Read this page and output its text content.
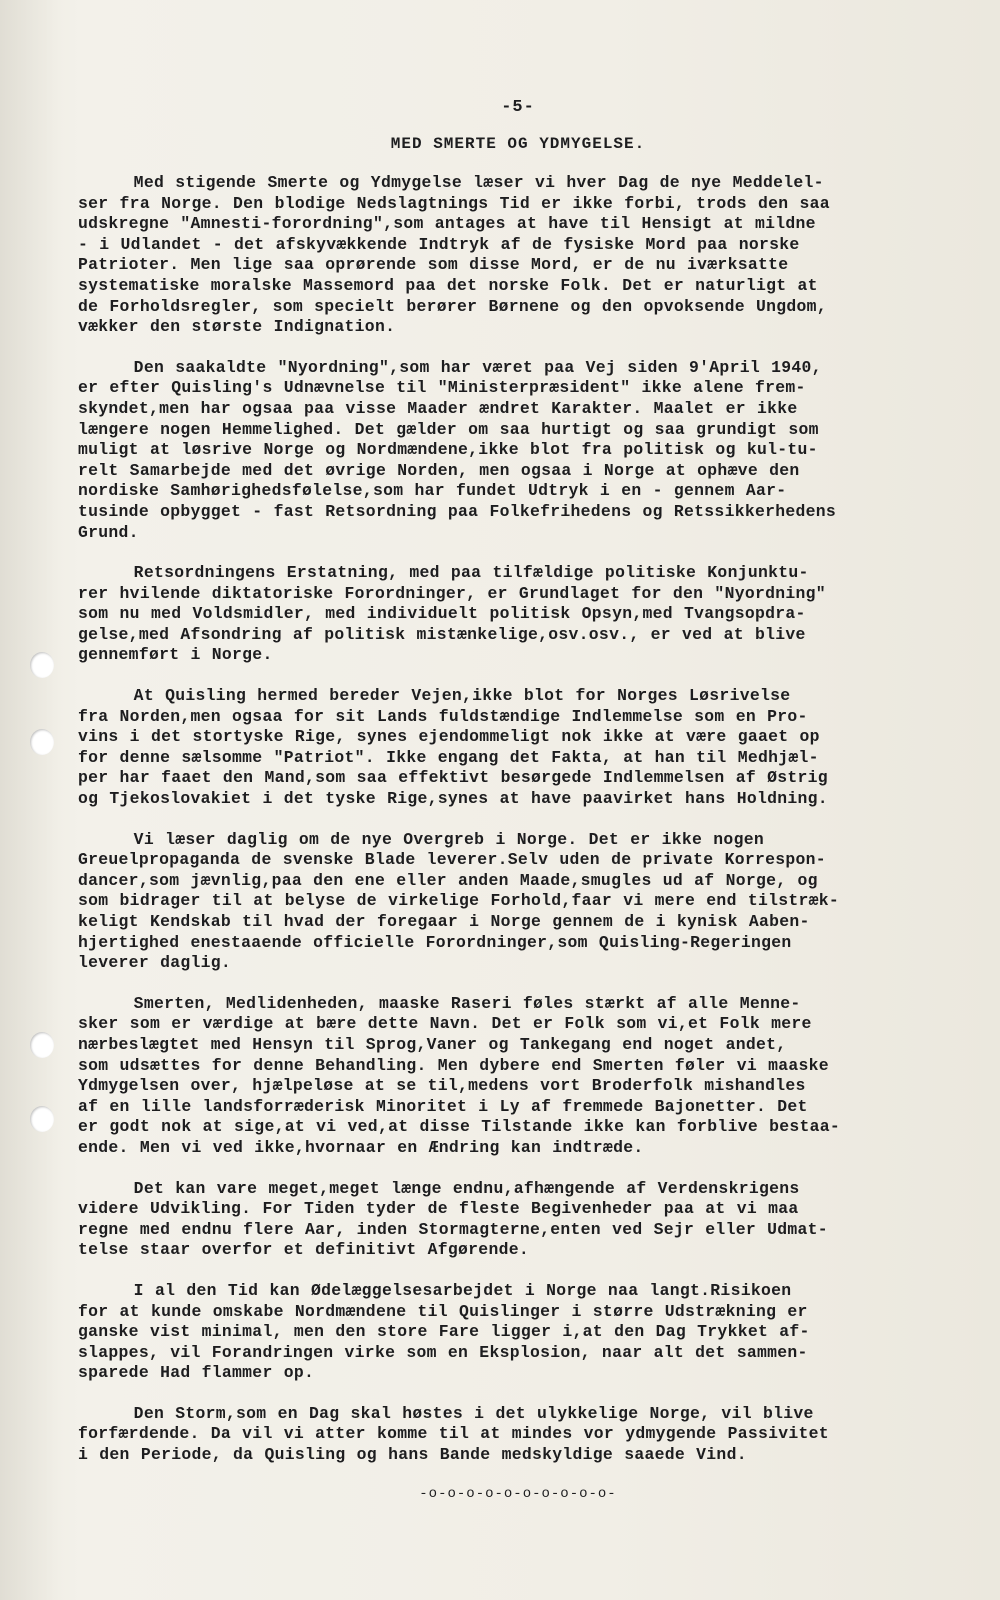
-5-
MED SMERTE OG YDMYGELSE.
Med stigende Smerte og Ydmygelse læser vi hver Dag de nye Meddelel-
ser fra Norge. Den blodige Nedslagtnings Tid er ikke forbi, trods den saa
udskregne "Amnesti-forordning",som antages at have til Hensigt at mildne
- i Udlandet - det afskyvækkende Indtryk af de fysiske Mord paa norske
Patrioter. Men lige saa oprørende som disse Mord, er de nu iværksatte
systematiske moralske Massemord paa det norske Folk. Det er naturligt at
de Forholdsregler, som specielt berører Børnene og den opvoksende Ungdom,
vækker den største Indignation.
Den saakaldte "Nyordning",som har været paa Vej siden 9'April 1940,
er efter Quisling's Udnævnelse til "Ministerpræsident" ikke alene frem-
skyndet,men har ogsaa paa visse Maader ændret Karakter. Maalet er ikke
længere nogen Hemmelighed. Det gælder om saa hurtigt og saa grundigt som
muligt at løsrive Norge og Nordmændene,ikke blot fra politisk og kul-tu-
relt Samarbejde med det øvrige Norden, men ogsaa i Norge at ophæve den
nordiske Samhørighedsfølelse,som har fundet Udtryk i en - gennem Aar-
tusinde opbygget - fast Retsordning paa Folkefrihedens og Retssikkerhedens
Grund.
Retsordningens Erstatning, med paa tilfældige politiske Konjunktu-
rer hvilende diktatoriske Forordninger, er Grundlaget for den "Nyordning"
som nu med Voldsmidler, med individuelt politisk Opsyn,med Tvangsopdra-
gelse,med Afsondring af politisk mistænkelige,osv.osv., er ved at blive
gennemført i Norge.
At Quisling hermed bereder Vejen,ikke blot for Norges Løsrivelse
fra Norden,men ogsaa for sit Lands fuldstændige Indlemmelse som en Pro-
vins i det stortyske Rige, synes ejendommeligt nok ikke at være gaaet op
for denne sælsomme "Patriot". Ikke engang det Fakta, at han til Medhjæl-
per har faaet den Mand,som saa effektivt besørgede Indlemmelsen af Østrig
og Tjekoslovakiet i det tyske Rige,synes at have paavirket hans Holdning.
Vi læser daglig om de nye Overgreb i Norge. Det er ikke nogen
Greuelpropaganda de svenske Blade leverer.Selv uden de private Korrespon-
dancer,som jævnlig,paa den ene eller anden Maade,smugles ud af Norge, og
som bidrager til at belyse de virkelige Forhold,faar vi mere end tilstræk-
keligt Kendskab til hvad der foregaar i Norge gennem de i kynisk Aaben-
hjertighed enestaaende officielle Forordninger,som Quisling-Regeringen
leverer daglig.
Smerten, Medlidenheden, maaske Raseri føles stærkt af alle Menne-
sker som er værdige at bære dette Navn. Det er Folk som vi,et Folk mere
nærbeslægtet med Hensyn til Sprog,Vaner og Tankegang end noget andet,
som udsættes for denne Behandling. Men dybere end Smerten føler vi maaske
Ydmygelsen over, hjælpeløse at se til,medens vort Broderfolk mishandles
af en lille landsforræderisk Minoritet i Ly af fremmede Bajonetter. Det
er godt nok at sige,at vi ved,at disse Tilstande ikke kan forblive bestaa-
ende. Men vi ved ikke,hvornaar en Ændring kan indtræde.
Det kan vare meget,meget længe endnu,afhængende af Verdenskrigens
videre Udvikling. For Tiden tyder de fleste Begivenheder paa at vi maa
regne med endnu flere Aar, inden Stormagterne,enten ved Sejr eller Udmat-
telse staar overfor et definitivt Afgørende.
I al den Tid kan Ødelæggelsesarbejdet i Norge naa langt.Risikoen
for at kunde omskabe Nordmændene til Quislinger i større Udstrækning er
ganske vist minimal, men den store Fare ligger i,at den Dag Trykket af-
slappes, vil Forandringen virke som en Eksplosion, naar alt det sammen-
sparede Had flammer op.
Den Storm,som en Dag skal høstes i det ulykkelige Norge, vil blive
forfærdende. Da vil vi atter komme til at mindes vor ydmygende Passivitet
i den Periode, da Quisling og hans Bande medskyldige saaede Vind.
-o-o-o-o-o-o-o-o-o-o-
